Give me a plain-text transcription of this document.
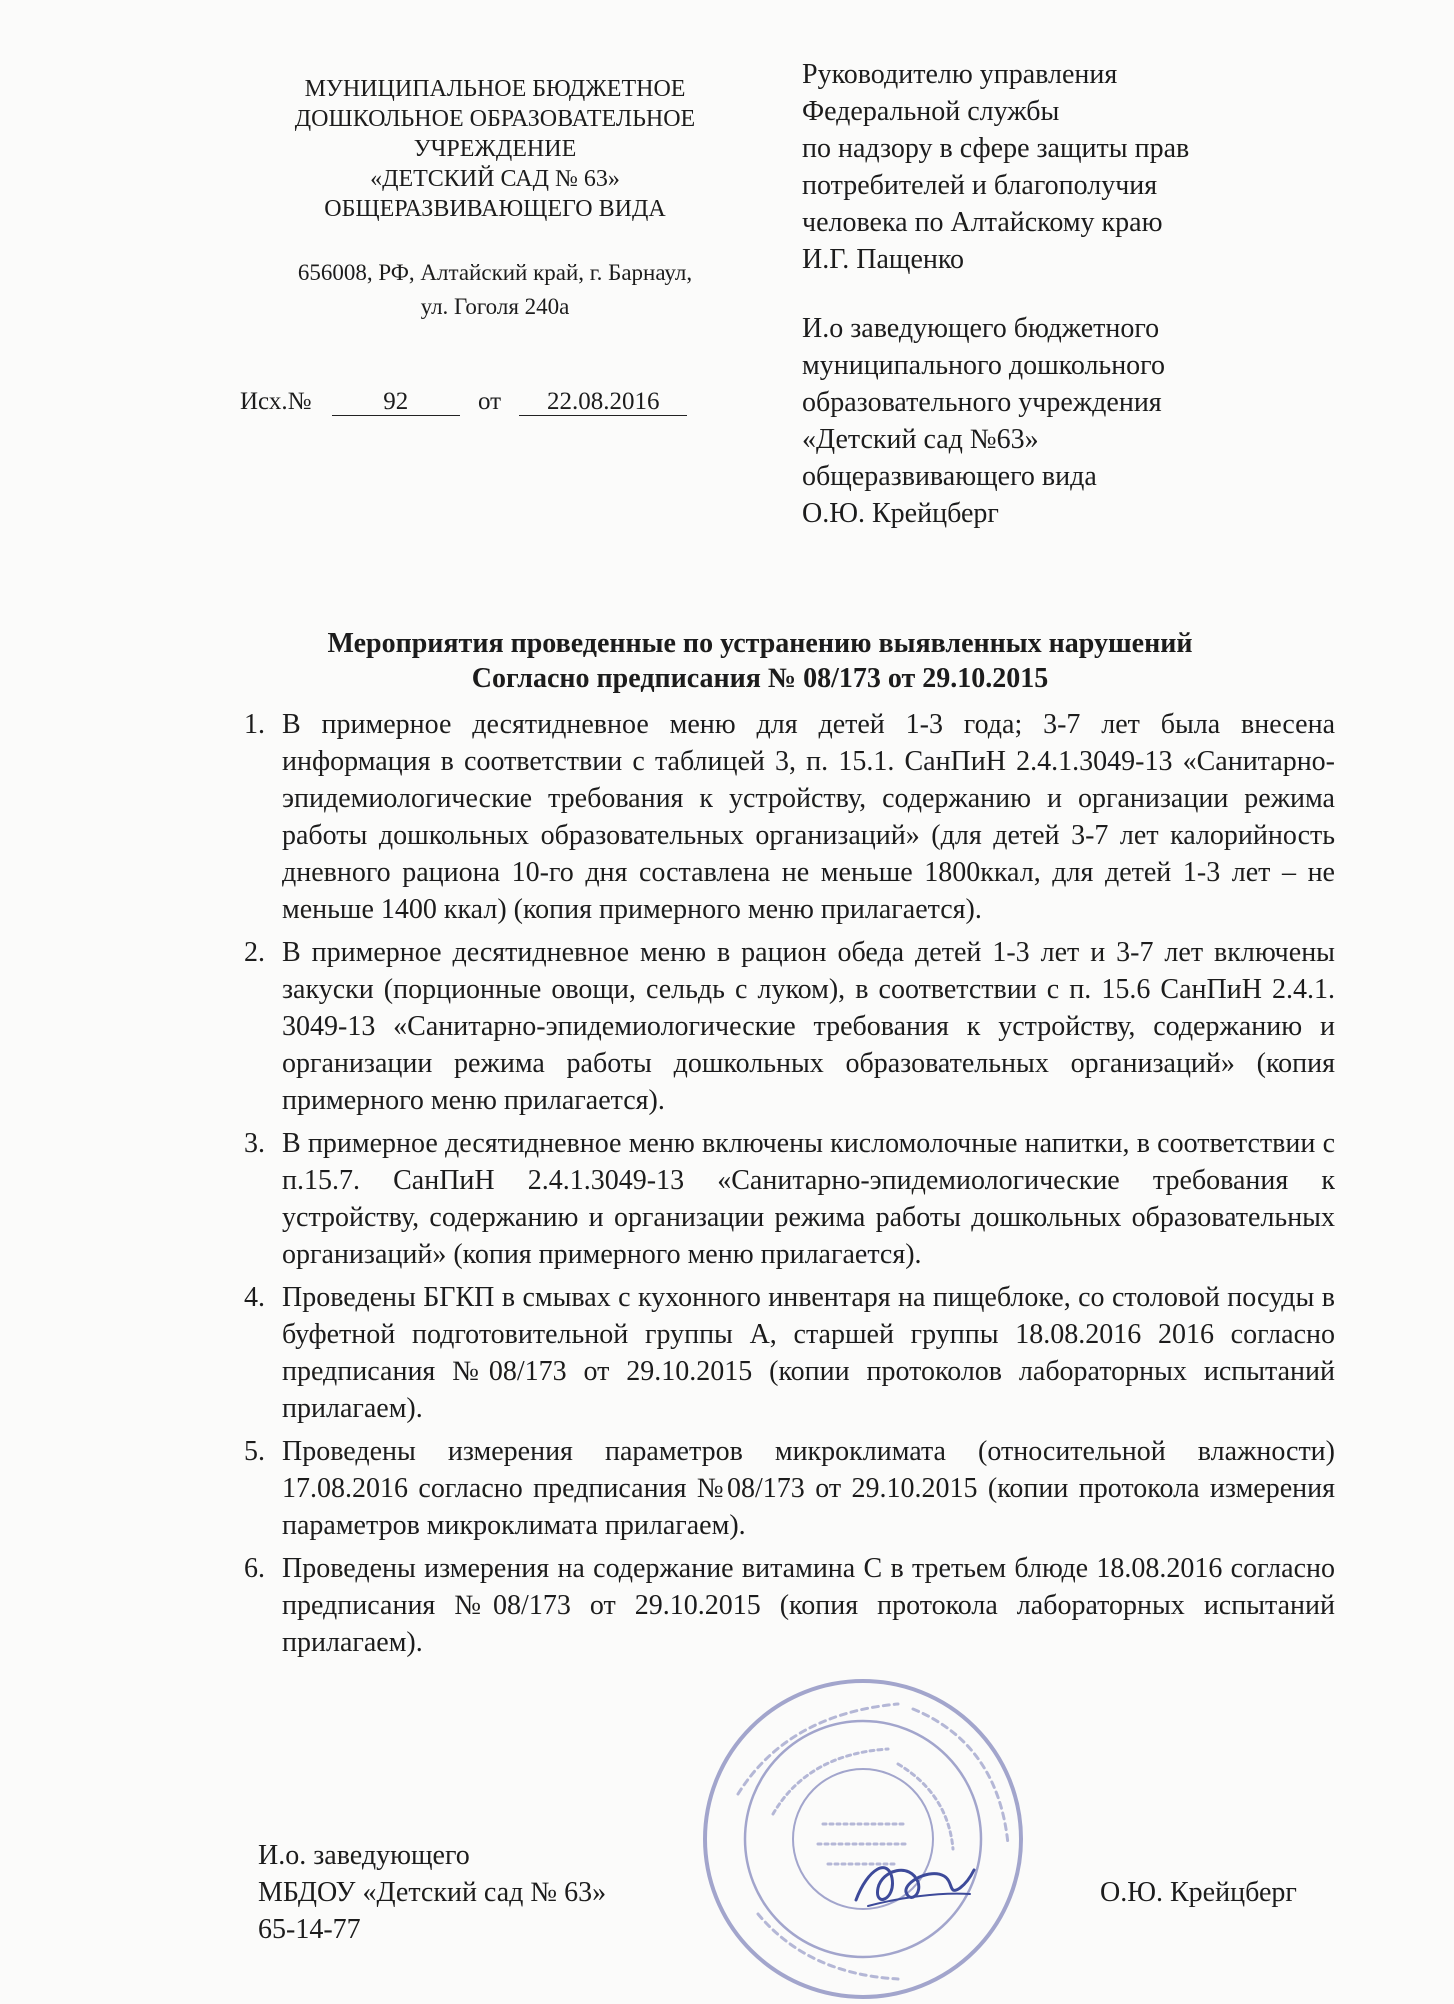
МУНИЦИПАЛЬНОЕ БЮДЖЕТНОЕ
ДОШКОЛЬНОЕ ОБРАЗОВАТЕЛЬНОЕ
УЧРЕЖДЕНИЕ
«ДЕТСКИЙ САД № 63»
ОБЩЕРАЗВИВАЮЩЕГО ВИДА
656008, РФ, Алтайский край, г. Барнаул,
ул. Гоголя 240а
Исх.№	92	от 22.08.2016
Руководителю управления
Федеральной службы
по надзору в сфере защиты прав
потребителей и благополучия
человека по Алтайскому краю
И.Г. Пащенко
И.о заведующего бюджетного
муниципального дошкольного
образовательного учреждения
«Детский сад №63»
общеразвивающего вида
О.Ю. Крейцберг
Мероприятия проведенные по устранению выявленных нарушений
Согласно предписания № 08/173 от 29.10.2015
1. В примерное десятидневное меню для детей 1-3 года; 3-7 лет была внесена информация в соответствии с таблицей 3, п. 15.1. СанПиН 2.4.1.3049-13 «Санитарно-эпидемиологические требования к устройству, содержанию и организации режима работы дошкольных образовательных организаций» (для детей 3-7 лет калорийность дневного рациона 10-го дня составлена не меньше 1800ккал, для детей 1-3 лет – не меньше 1400 ккал) (копия примерного меню прилагается).
2. В примерное десятидневное меню в рацион обеда детей 1-3 лет и 3-7 лет включены закуски (порционные овощи, сельдь с луком), в соответствии с п. 15.6 СанПиН 2.4.1. 3049-13 «Санитарно-эпидемиологические требования к устройству, содержанию и организации режима работы дошкольных образовательных организаций» (копия примерного меню прилагается).
3. В примерное десятидневное меню включены кисломолочные напитки, в соответствии с п.15.7. СанПиН 2.4.1.3049-13 «Санитарно-эпидемиологические требования к устройству, содержанию и организации режима работы дошкольных образовательных организаций» (копия примерного меню прилагается).
4. Проведены БГКП в смывах с кухонного инвентаря на пищеблоке, со столовой посуды в буфетной подготовительной группы А, старшей группы 18.08.2016 2016 согласно предписания №08/173 от 29.10.2015 (копии протоколов лабораторных испытаний прилагаем).
5. Проведены измерения параметров микроклимата (относительной влажности) 17.08.2016 согласно предписания №08/173 от 29.10.2015 (копии протокола измерения параметров микроклимата прилагаем).
6. Проведены измерения на содержание витамина С в третьем блюде 18.08.2016 согласно предписания №08/173 от 29.10.2015 (копия протокола лабораторных испытаний прилагаем).
И.о. заведующего
МБДОУ «Детский сад № 63»
65-14-77
О.Ю. Крейцберг
